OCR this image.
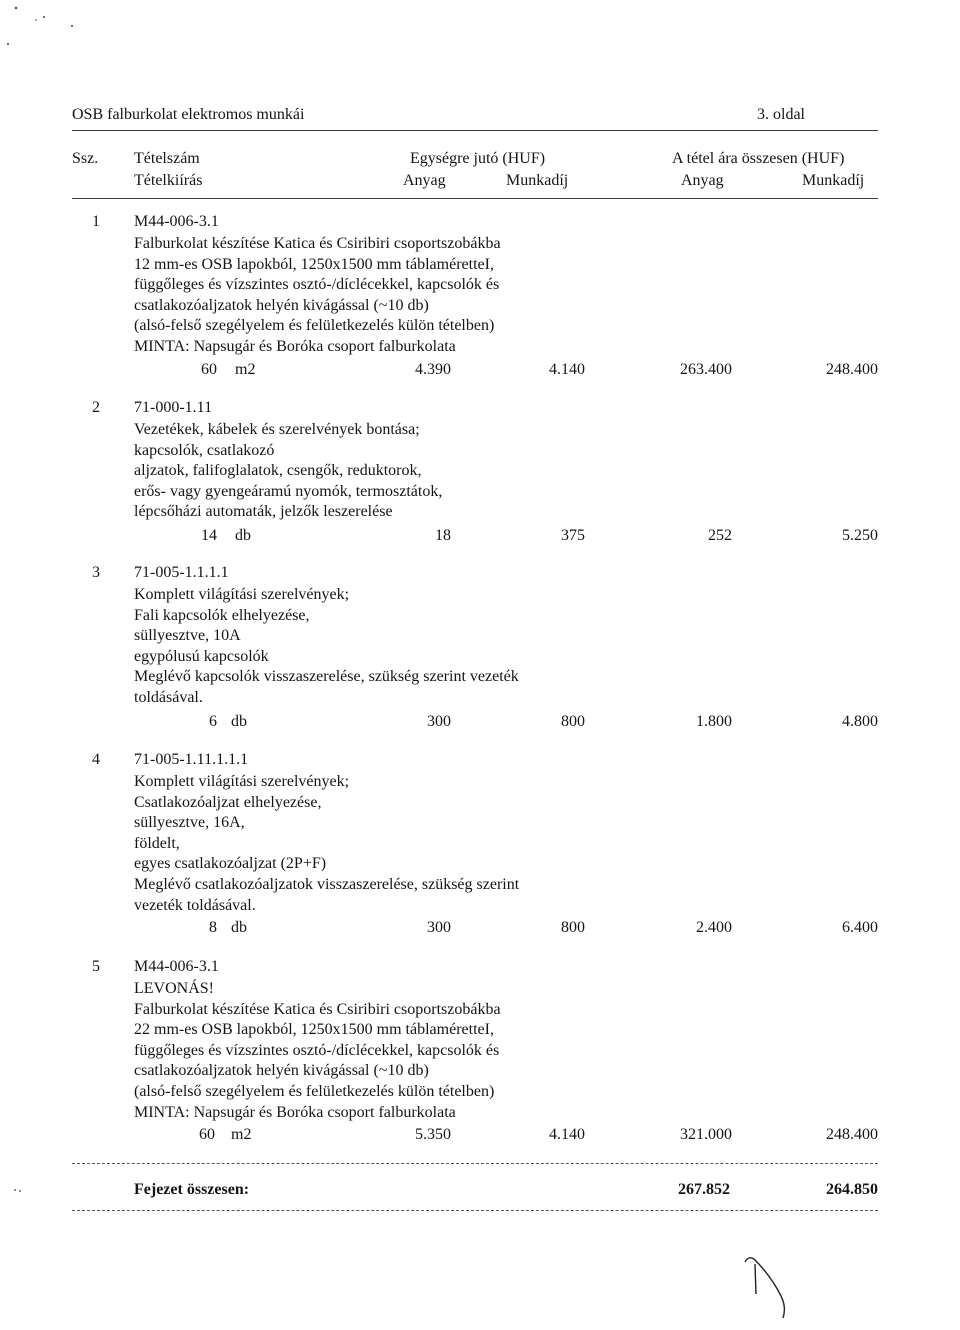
OSB falburkolat elektromos munkái	3. oldal
Ssz. Tételszám
Tételkiírás
Egységre jutó (HUF)
Anyag	Munkadíj
A tétel ára összesen (HUF)
Anyag	Munkadíj
1 M44-006-3.1
Falburkolat készítése Katica és Csiribiri csoportszobákba
12 mm-es OSB lapokból, 1250x1500 mm táblaméretteI,
függőleges és vízszintes osztó-/díclécekkel, kapcsolók és
csatlakozóaljzatok helyén kivágással (~10 db)
(alsó-felső szegélyelem és felületkezelés külön tételben)
MINTA: Napsugár és Boróka csoport falburkolata
60 m2	4.390	4.140	263.400	248.400
2 71-000-1.11
Vezetékek, kábelek és szerelvények bontása;
kapcsolók, csatlakozó
aljzatok, falifoglalatok, csengők, reduktorok,
erős- vagy gyengeáramú nyomók, termosztátok,
lépcsőházi automaták, jelzők leszerelése
14 db	18	375	252	5.250
3 71-005-1.1.1.1
Komplett világítási szerelvények;
Fali kapcsolók elhelyezése,
süllyesztve, 10A
egypólusú kapcsolók
Meglévő kapcsolók visszaszerelése, szükség szerint vezeték
toldásával.
6 db	300	800	1.800	4.800
4 71-005-1.11.1.1.1
Komplett világítási szerelvények;
Csatlakozóaljzat elhelyezése,
süllyesztve, 16A,
földelt,
egyes csatlakozóaljzat (2P+F)
Meglévő csatlakozóaljzatok visszaszerelése, szükség szerint
vezeték toldásával.
8 db	300	800	2.400	6.400
5 M44-006-3.1
LEVONÁS!
Falburkolat készítése Katica és Csiribiri csoportszobákba
22 mm-es OSB lapokból, 1250x1500 mm táblaméretteI,
függőleges és vízszintes osztó-/díclécekkel, kapcsolók és
csatlakozóaljzatok helyén kivágással (~10 db)
(alsó-felső szegélyelem és felületkezelés külön tételben)
MINTA: Napsugár és Boróka csoport falburkolata
60 m2	5.350	4.140	321.000	248.400
Fejezet összesen:	267.852	264.850
